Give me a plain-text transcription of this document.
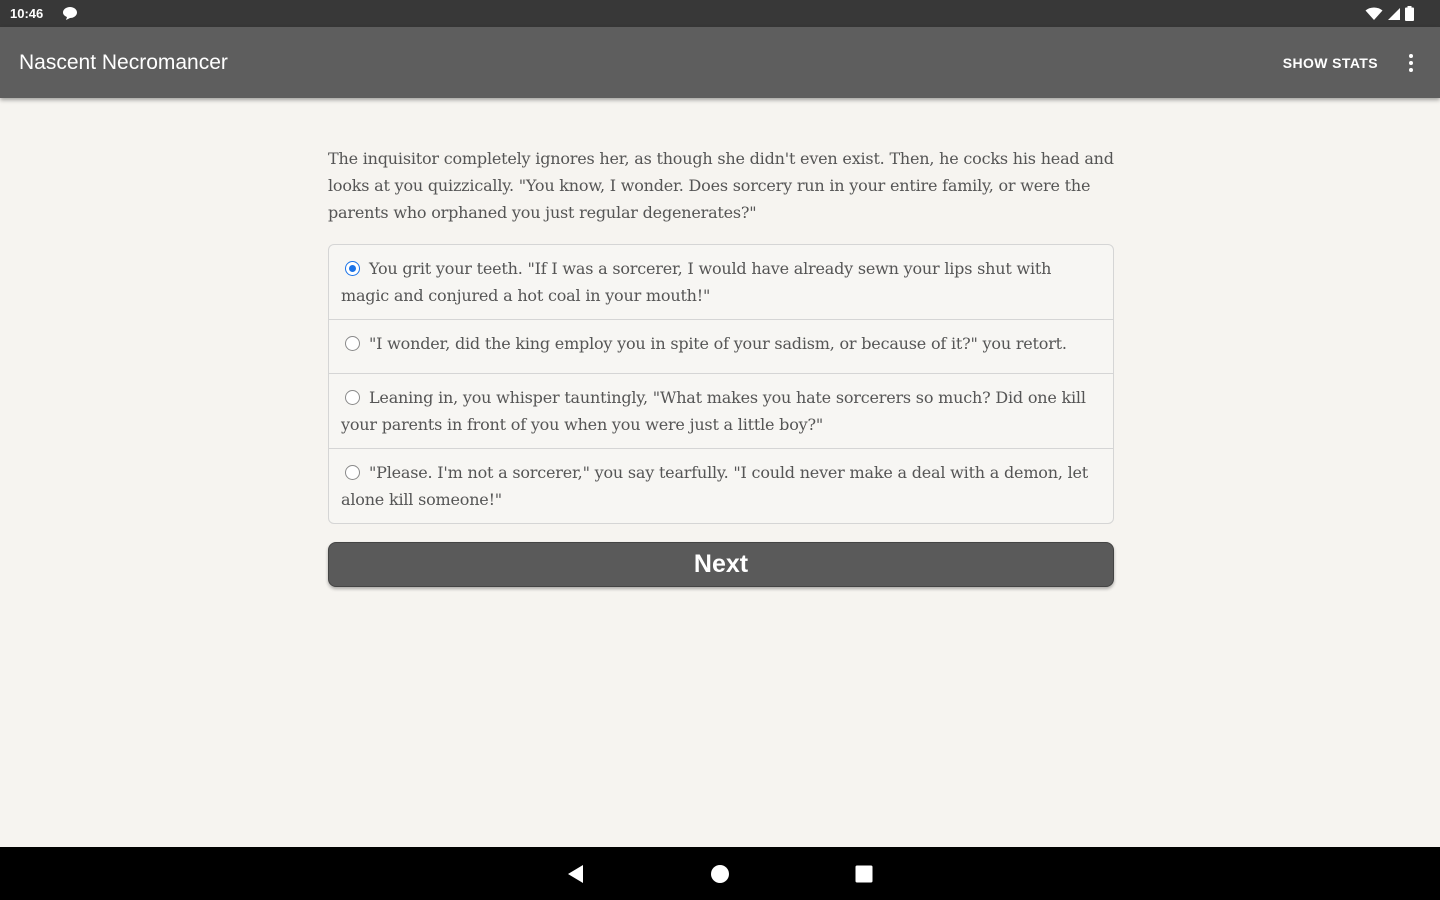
10:46
Nascent Necromancer	SHOW STATS

The inquisitor completely ignores her, as though she didn't even exist. Then, he cocks his head and looks at you quizzically. "You know, I wonder. Does sorcery run in your entire family, or were the parents who orphaned you just regular degenerates?"

You grit your teeth. "If I was a sorcerer, I would have already sewn your lips shut with magic and conjured a hot coal in your mouth!"
"I wonder, did the king employ you in spite of your sadism, or because of it?" you retort.
Leaning in, you whisper tauntingly, "What makes you hate sorcerers so much? Did one kill your parents in front of you when you were just a little boy?"
"Please. I'm not a sorcerer," you say tearfully. "I could never make a deal with a demon, let alone kill someone!"
Next
